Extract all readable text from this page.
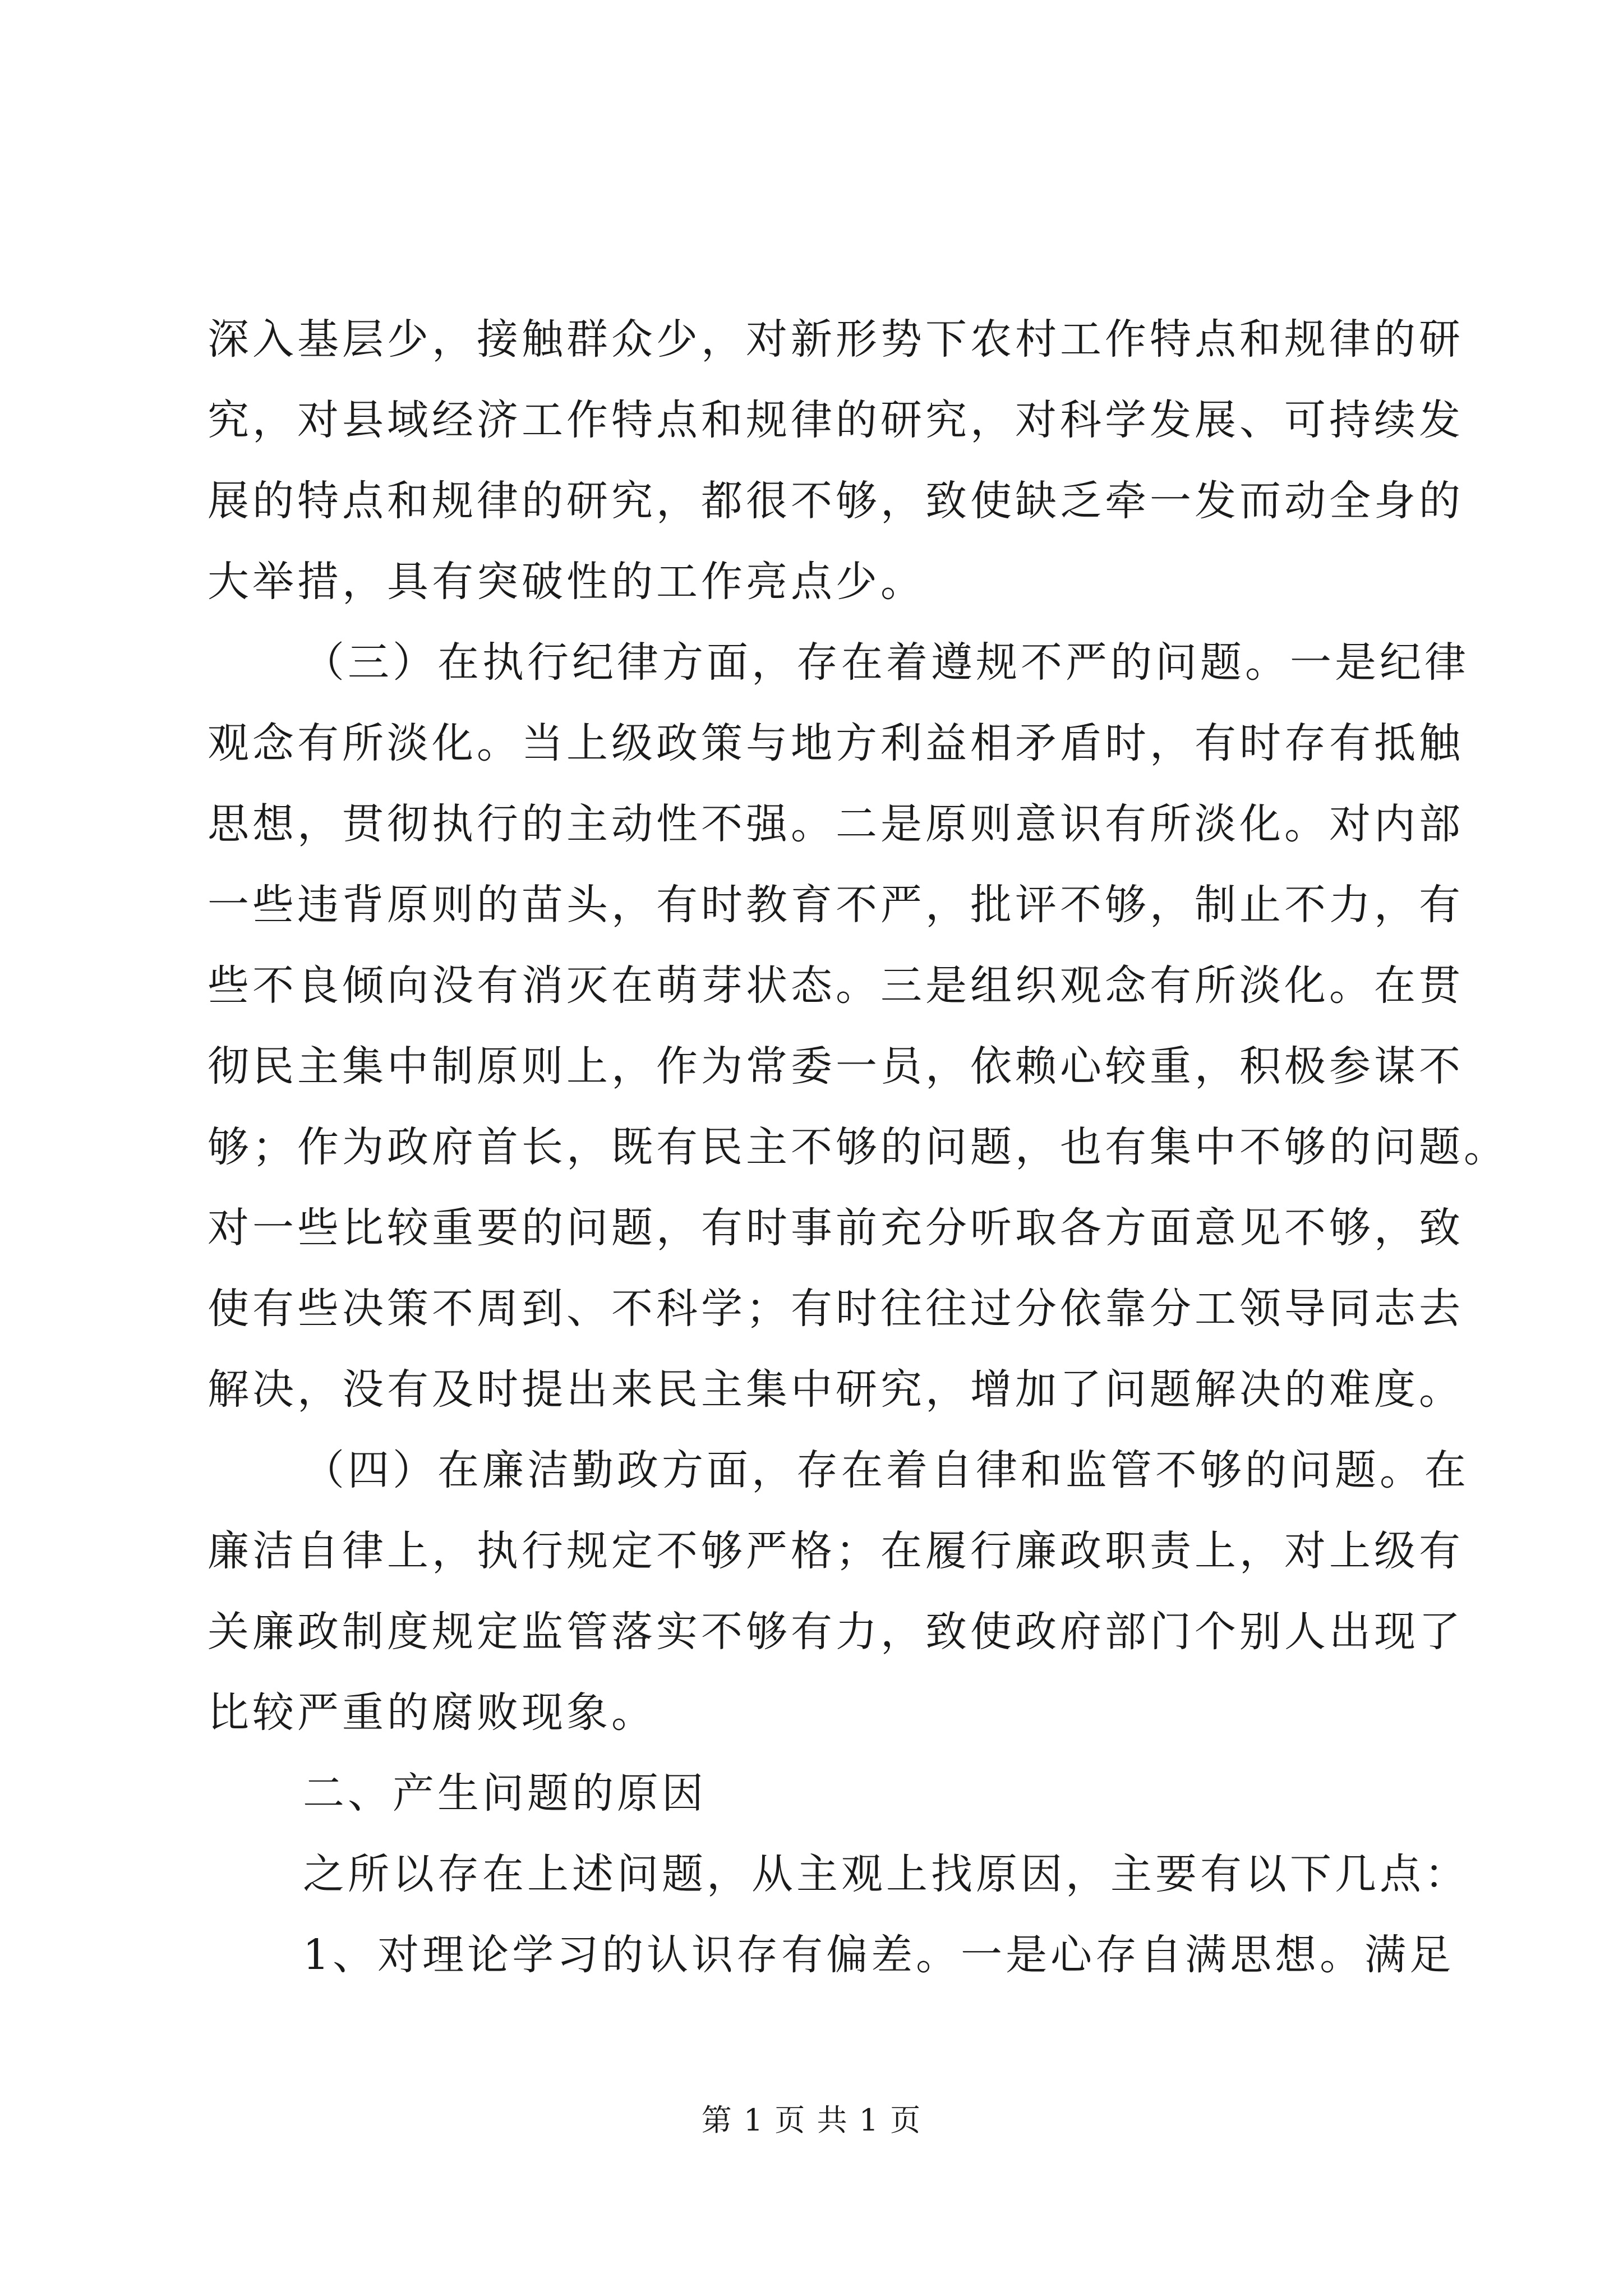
深入基层少，接触群众少，对新形势下农村工作特点和规律的研
究，对县域经济工作特点和规律的研究，对科学发展、可持续发
展的特点和规律的研究，都很不够，致使缺乏牵一发而动全身的
大举措，具有突破性的工作亮点少。
（三）在执行纪律方面，存在着遵规不严的问题。一是纪律
观念有所淡化。当上级政策与地方利益相矛盾时，有时存有抵触
思想，贯彻执行的主动性不强。二是原则意识有所淡化。对内部
一些违背原则的苗头，有时教育不严，批评不够，制止不力，有
些不良倾向没有消灭在萌芽状态。三是组织观念有所淡化。在贯
彻民主集中制原则上，作为常委一员，依赖心较重，积极参谋不
够；作为政府首长，既有民主不够的问题，也有集中不够的问题。
对一些比较重要的问题，有时事前充分听取各方面意见不够，致
使有些决策不周到、不科学；有时往往过分依靠分工领导同志去
解决，没有及时提出来民主集中研究，增加了问题解决的难度。
（四）在廉洁勤政方面，存在着自律和监管不够的问题。在
廉洁自律上，执行规定不够严格；在履行廉政职责上，对上级有
关廉政制度规定监管落实不够有力，致使政府部门个别人出现了
比较严重的腐败现象。
二、产生问题的原因
之所以存在上述问题，从主观上找原因，主要有以下几点：
1、对理论学习的认识存有偏差。一是心存自满思想。满足
第 1 页 共 1 页
